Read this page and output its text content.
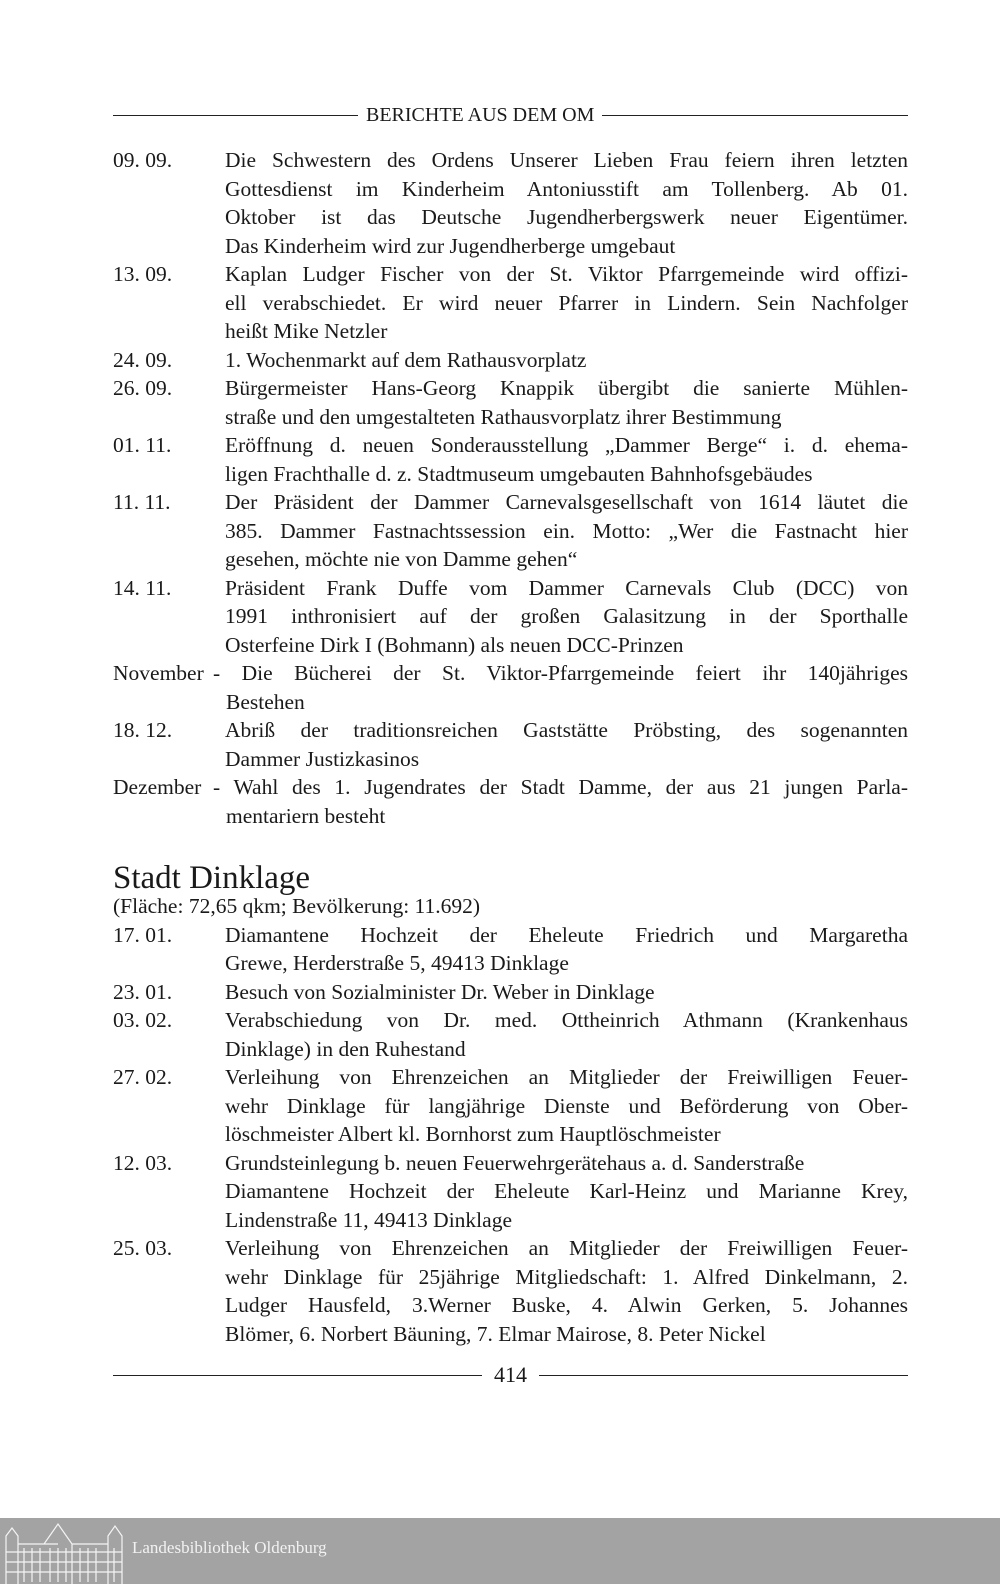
BERICHTE AUS DEM OM
09. 09.	Die Schwestern des Ordens Unserer Lieben Frau feiern ihren letzten
Gottesdienst im Kinderheim Antoniusstift am Tollenberg. Ab 01.
Oktober ist das Deutsche Jugendherbergswerk neuer Eigentümer.
Das Kinderheim wird zur Jugendherberge umgebaut
13. 09.	Kaplan Ludger Fischer von der St. Viktor Pfarrgemeinde wird offizi-
ell verabschiedet. Er wird neuer Pfarrer in Lindern. Sein Nachfolger
heißt Mike Netzler
24. 09.	1. Wochenmarkt auf dem Rathausvorplatz
26. 09.	Bürgermeister Hans-Georg Knappik übergibt die sanierte Mühlen-
straße und den umgestalteten Rathausvorplatz ihrer Bestimmung
01. 11.	Eröffnung d. neuen Sonderausstellung „Dammer Berge“ i. d. ehema-
ligen Frachthalle d. z. Stadtmuseum umgebauten Bahnhofsgebäudes
11. 11.	Der Präsident der Dammer Carnevalsgesellschaft von 1614 läutet die
385. Dammer Fastnachtssession ein. Motto: „Wer die Fastnacht hier
gesehen, möchte nie von Damme gehen“
14. 11.	Präsident Frank Duffe vom Dammer Carnevals Club (DCC) von
1991 inthronisiert auf der großen Galasitzung in der Sporthalle
Osterfeine Dirk I (Bohmann) als neuen DCC-Prinzen
November - Die Bücherei der St. Viktor-Pfarrgemeinde feiert ihr 140jähriges
Bestehen
18. 12.	Abriß der traditionsreichen Gaststätte Pröbsting, des sogenannten
Dammer Justizkasinos
Dezember - Wahl des 1. Jugendrates der Stadt Damme, der aus 21 jungen Parla-
mentariern besteht
Stadt Dinklage
(Fläche: 72,65 qkm; Bevölkerung: 11.692)
17. 01.	Diamantene Hochzeit der Eheleute Friedrich und Margaretha
Grewe, Herderstraße 5, 49413 Dinklage
23. 01.	Besuch von Sozialminister Dr. Weber in Dinklage
03. 02.	Verabschiedung von Dr. med. Ottheinrich Athmann (Krankenhaus
Dinklage) in den Ruhestand
27. 02.	Verleihung von Ehrenzeichen an Mitglieder der Freiwilligen Feuer-
wehr Dinklage für langjährige Dienste und Beförderung von Ober-
löschmeister Albert kl. Bornhorst zum Hauptlöschmeister
12. 03.	Grundsteinlegung b. neuen Feuerwehrgerätehaus a. d. Sanderstraße
Diamantene Hochzeit der Eheleute Karl-Heinz und Marianne Krey,
Lindenstraße 11, 49413 Dinklage
25. 03.	Verleihung von Ehrenzeichen an Mitglieder der Freiwilligen Feuer-
wehr Dinklage für 25jährige Mitgliedschaft: 1. Alfred Dinkelmann, 2.
Ludger Hausfeld, 3.Werner Buske, 4. Alwin Gerken, 5. Johannes
Blömer, 6. Norbert Bäuning, 7. Elmar Mairose, 8. Peter Nickel
414
Landesbibliothek Oldenburg
